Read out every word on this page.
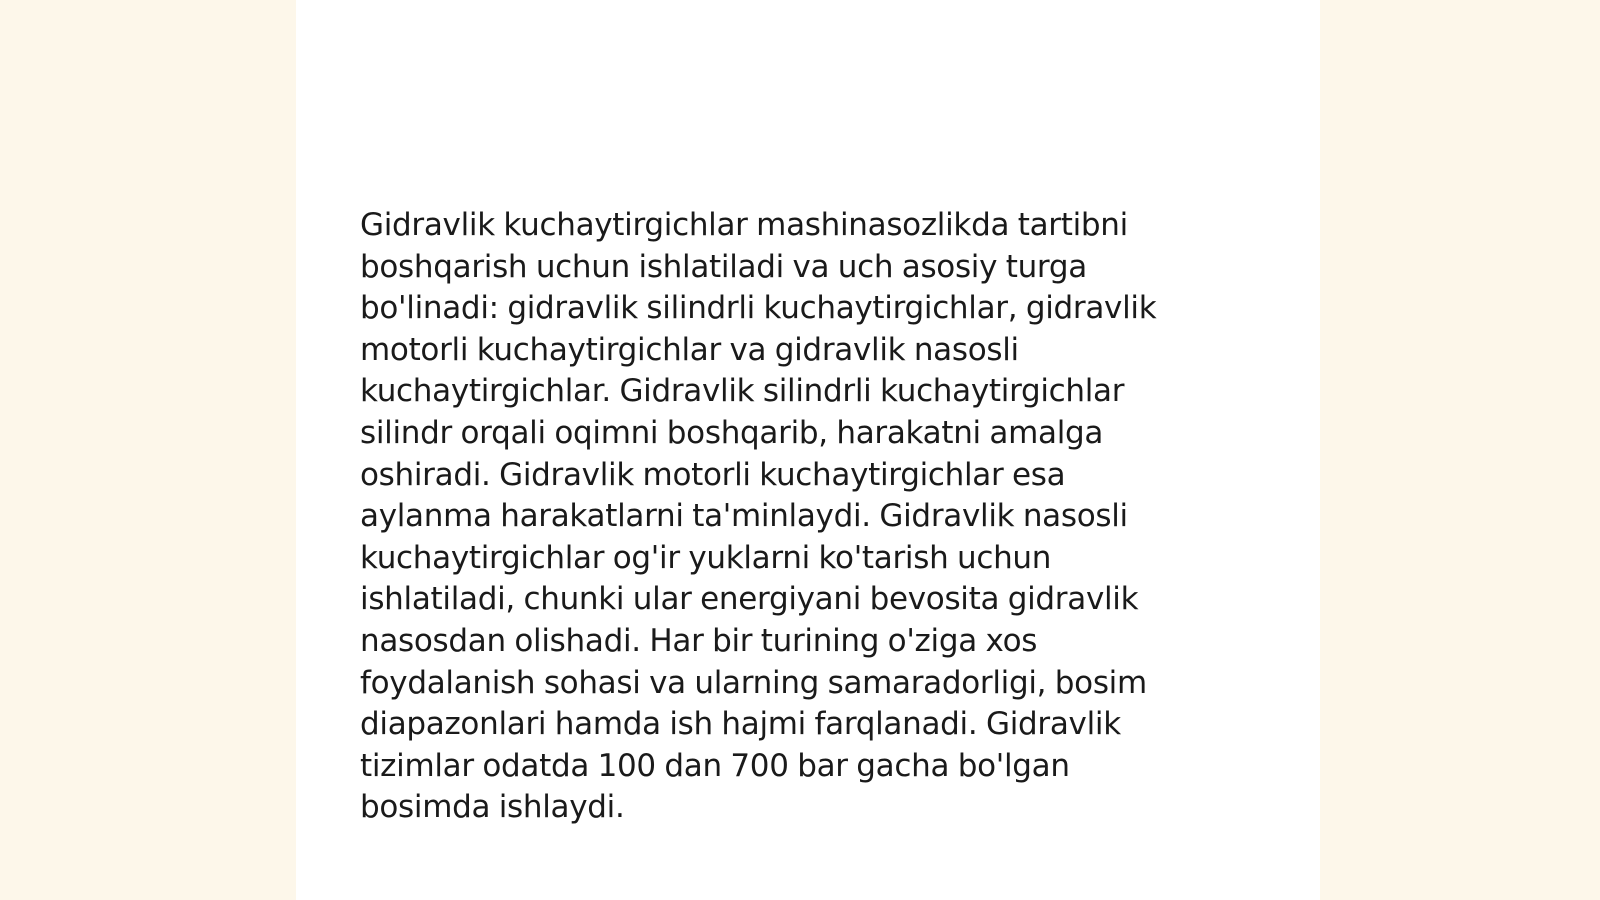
Gidravlik kuchaytirgichlar mashinasozlikda tartibni
boshqarish uchun ishlatiladi va uch asosiy turga
bo'linadi: gidravlik silindrli kuchaytirgichlar, gidravlik
motorli kuchaytirgichlar va gidravlik nasosli
kuchaytirgichlar. Gidravlik silindrli kuchaytirgichlar
silindr orqali oqimni boshqarib, harakatni amalga
oshiradi. Gidravlik motorli kuchaytirgichlar esa
aylanma harakatlarni ta'minlaydi. Gidravlik nasosli
kuchaytirgichlar og'ir yuklarni ko'tarish uchun
ishlatiladi, chunki ular energiyani bevosita gidravlik
nasosdan olishadi. Har bir turining o'ziga xos
foydalanish sohasi va ularning samaradorligi, bosim
diapazonlari hamda ish hajmi farqlanadi. Gidravlik
tizimlar odatda 100 dan 700 bar gacha bo'lgan
bosimda ishlaydi.
